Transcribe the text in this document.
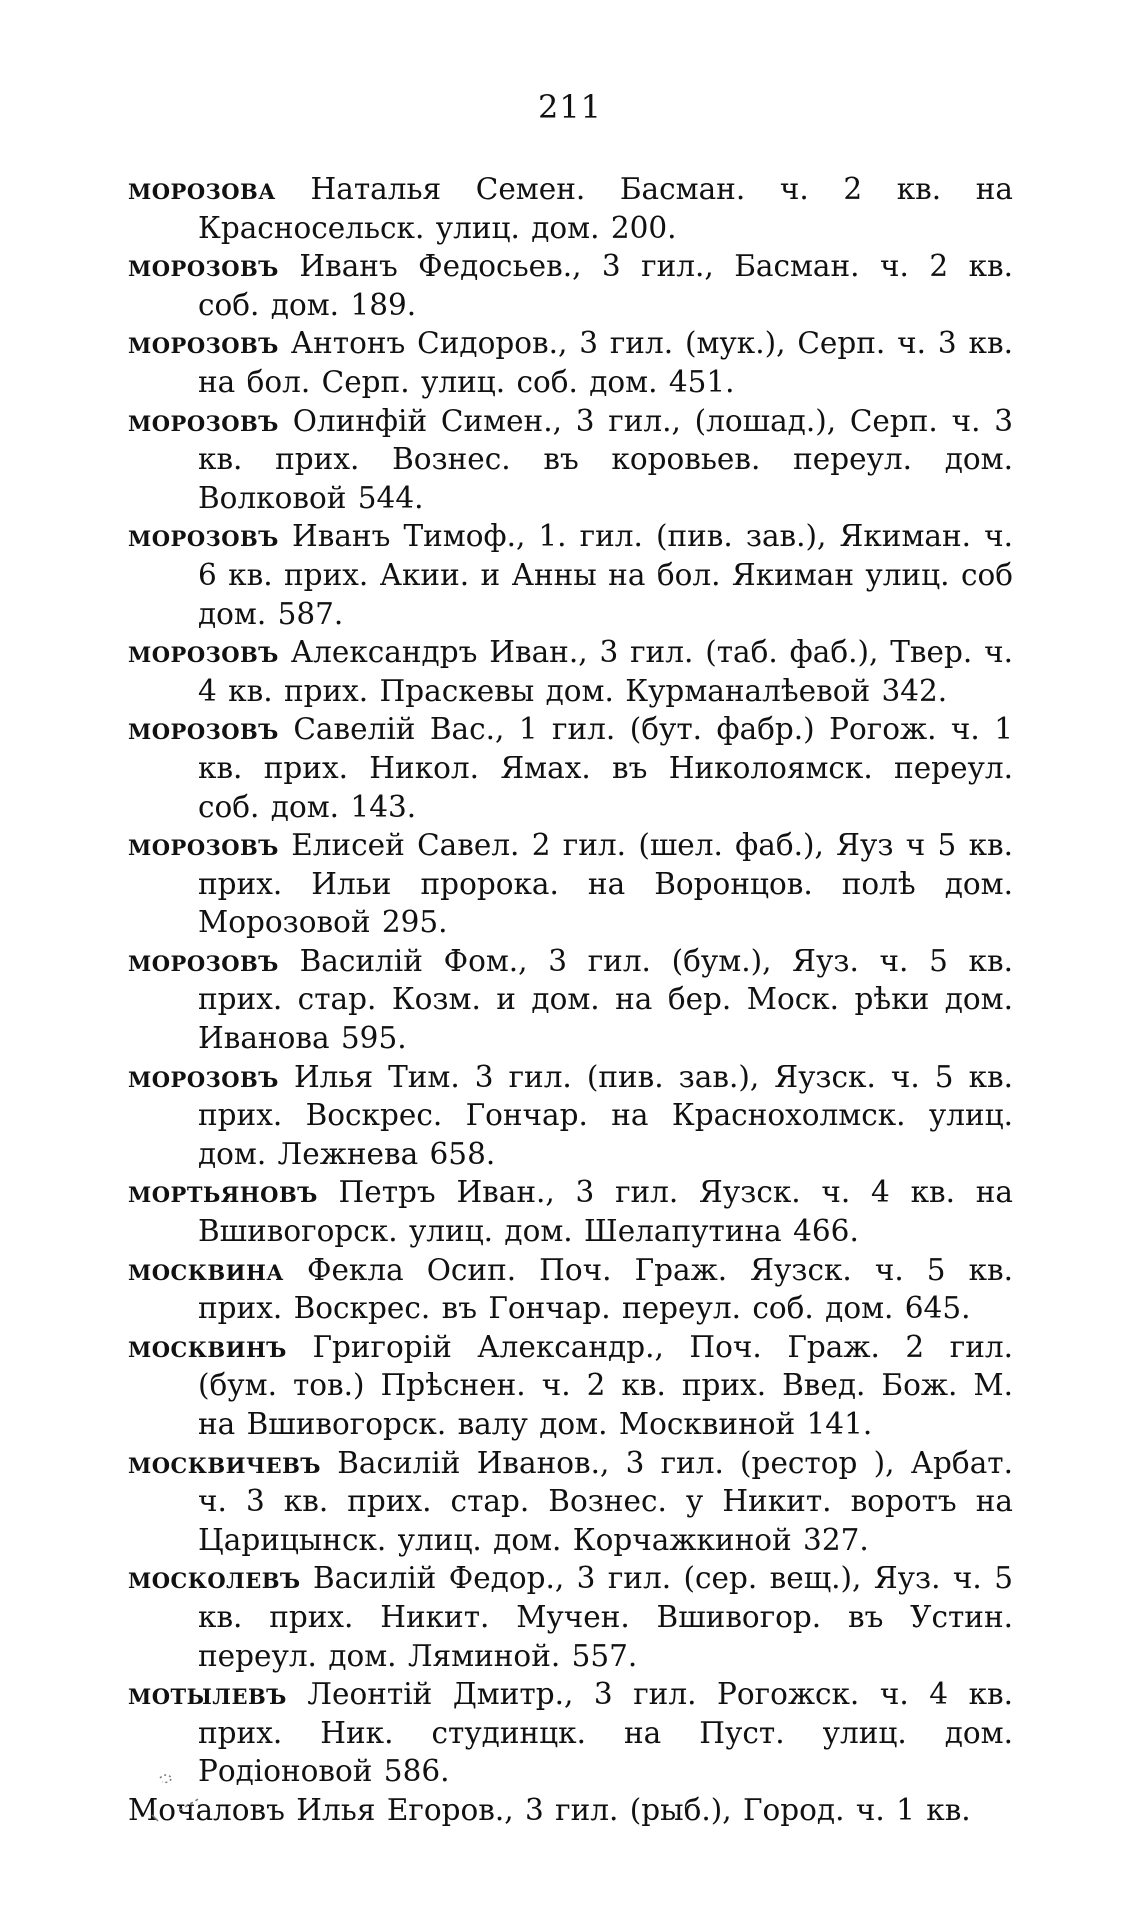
211

морозова Наталья Семен. Басман. ч. 2 кв. на Красносельск. улиц. дом. 200.

морозовъ Иванъ Федосьев., 3 гил., Басман. ч. 2 кв. соб. дом. 189.

морозовъ Антонъ Сидоров., 3 гил. (мук.), Серп. ч. 3 кв. на бол. Серп. улиц. соб. дом. 451.

морозовъ Олинфiй Симен., 3 гил., (лошад.), Серп. ч. 3 кв. прих. Вознес. въ коровьев. переул. дом. Волковой 544.

морозовъ Иванъ Тимоф., 1. гил. (пив. зав.), Якиман. ч. 6 кв. прих. Акии. и Анны на бол. Якиман улиц. соб дом. 587.

морозовъ Александръ Иван., 3 гил. (таб. фаб.), Твер. ч. 4 кв. прих. Праскевы дом. Курманалѣевой 342.

морозовъ Савелiй Вас., 1 гил. (бут. фабр.) Рогож. ч. 1 кв. прих. Никол. Ямах. въ Николоямск. переул. соб. дом. 143.

морозовъ Елисей Савел. 2 гил. (шел. фаб.), Яуз ч 5 кв. прих. Ильи пророка. на Воронцов. полѣ дом. Морозовой 295.

морозовъ Василiй Фом., 3 гил. (бум.), Яуз. ч. 5 кв. прих. стар. Козм. и дом. на бер. Моск. рѣки дом. Иванова 595.

морозовъ Илья Тим. 3 гил. (пив. зав.), Яузск. ч. 5 кв. прих. Воскрес. Гончар. на Краснохолмск. улиц. дом. Лежнева 658.

мортьяновъ Петръ Иван., 3 гил. Яузск. ч. 4 кв. на Вшивогорск. улиц. дом. Шелапутина 466.

москвина Фекла Осип. Поч. Граж. Яузск. ч. 5 кв. прих. Воскрес. въ Гончар. переул. соб. дом. 645.

москвинъ Григорiй Александр., Поч. Граж. 2 гил. (бум. тов.) Прѣснен. ч. 2 кв. прих. Введ. Бож. М. на Вшивогорск. валу дом. Москвиной 141.

москвичевъ Василiй Иванов., 3 гил. (рестор ), Арбат. ч. 3 кв. прих. стар. Вознес. у Никит. воротъ на Царицынск. улиц. дом. Корчажкиной 327.

москолевъ Василiй Федор., 3 гил. (сер. вещ.), Яуз. ч. 5 кв. прих. Никит. Мучен. Вшивогор. въ Устин. переул. дом. Ляминой. 557.

мотылевъ Леонтiй Дмитр., 3 гил. Рогожск. ч. 4 кв. прих. Ник. студинцк. на Пуст. улиц. дом. Родiоновой 586.

Мочаловъ Илья Егоров., 3 гил. (рыб.), Город. ч. 1 кв.
